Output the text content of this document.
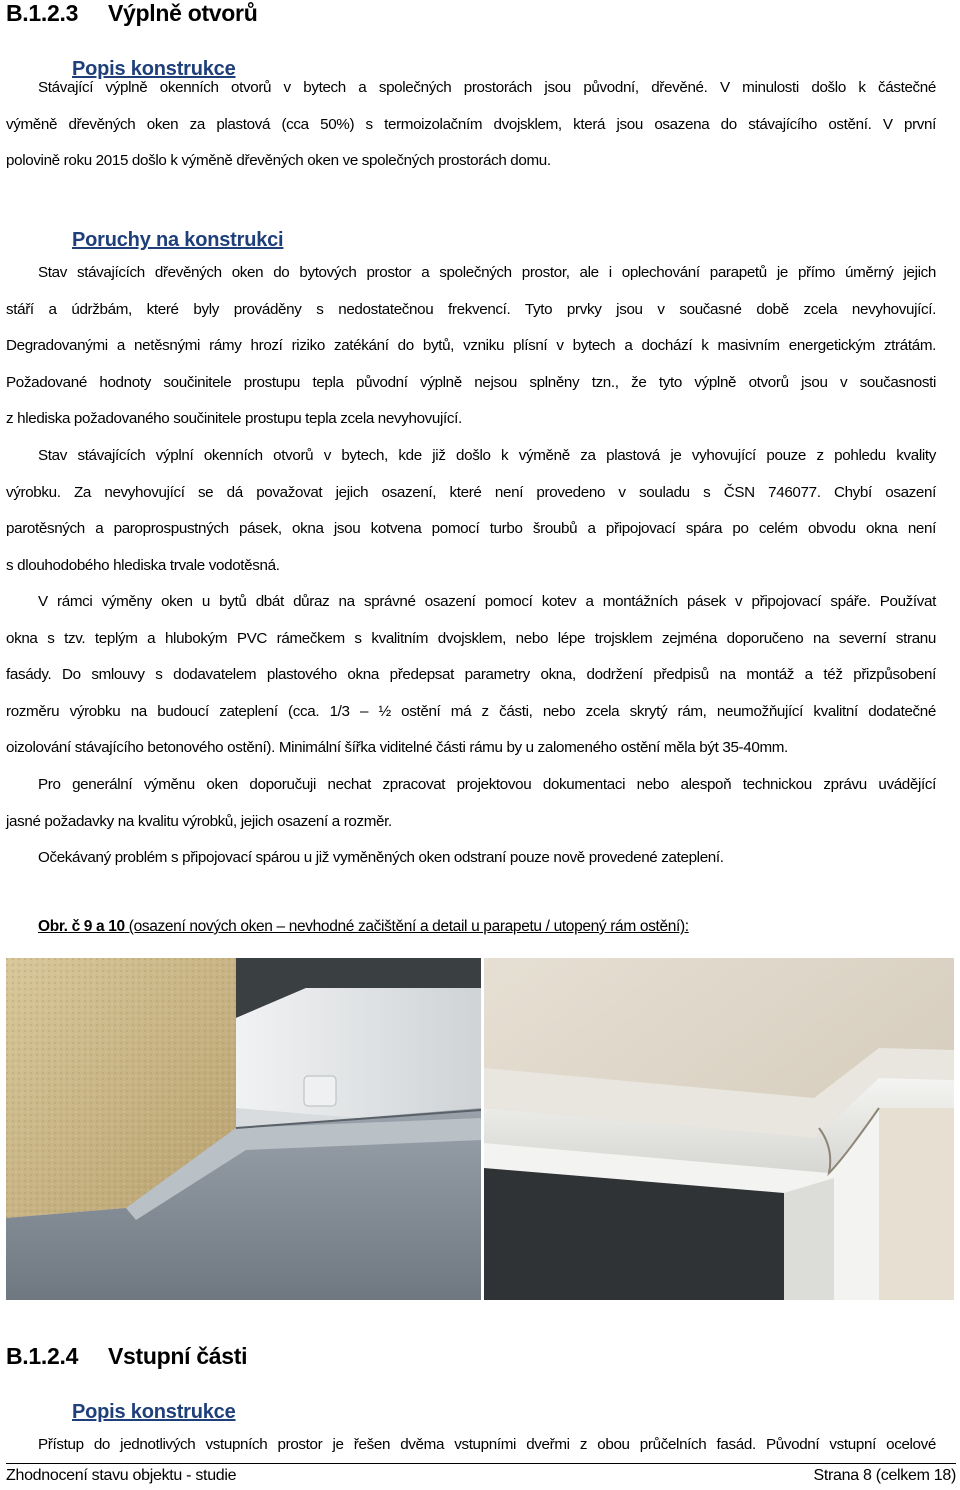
B.1.2.3 Výplně otvorů
Popis konstrukce
Stávající výplně okenních otvorů v bytech a společných prostorách jsou původní, dřevěné. V minulosti došlo k částečné
výměně dřevěných oken za plastová (cca 50%) s termoizolačním dvojsklem, která jsou osazena do stávajícího ostění. V první
polovině roku 2015 došlo k výměně dřevěných oken ve společných prostorách domu.
Poruchy na konstrukci
Stav stávajících dřevěných oken do bytových prostor a společných prostor, ale i oplechování parapetů je přímo úměrný jejich
stáří a údržbám, které byly prováděny s nedostatečnou frekvencí. Tyto prvky jsou v současné době zcela nevyhovující.
Degradovanými a netěsnými rámy hrozí riziko zatékání do bytů, vzniku plísní v bytech a dochází k masivním energetickým ztrátám.
Požadované hodnoty součinitele prostupu tepla původní výplně nejsou splněny tzn., že tyto výplně otvorů jsou v současnosti
z hlediska požadovaného součinitele prostupu tepla zcela nevyhovující.
Stav stávajících výplní okenních otvorů v bytech, kde již došlo k výměně za plastová je vyhovující pouze z pohledu kvality
výrobku. Za nevyhovující se dá považovat jejich osazení, které není provedeno v souladu s ČSN 746077. Chybí osazení
parotěsných a paroprospustných pásek, okna jsou kotvena pomocí turbo šroubů a připojovací spára po celém obvodu okna není
s dlouhodobého hlediska trvale vodotěsná.
V rámci výměny oken u bytů dbát důraz na správné osazení pomocí kotev a montážních pásek v připojovací spáře. Používat
okna s tzv. teplým a hlubokým PVC rámečkem s kvalitním dvojsklem, nebo lépe trojsklem zejména doporučeno na severní stranu
fasády. Do smlouvy s dodavatelem plastového okna předepsat parametry okna, dodržení předpisů na montáž a též přizpůsobení
rozměru výrobku na budoucí zateplení (cca. 1/3 – ½ ostění má z části, nebo zcela skrytý rám, neumožňující kvalitní dodatečné
oizolování stávajícího betonového ostění). Minimální šířka viditelné části rámu by u zalomeného ostění měla být 35-40mm.
Pro generální výměnu oken doporučuji nechat zpracovat projektovou dokumentaci nebo alespoň technickou zprávu uvádějící
jasné požadavky na kvalitu výrobků, jejich osazení a rozměr.
Očekávaný problém s připojovací spárou u již vyměněných oken odstraní pouze nově provedené zateplení.
Obr. č 9 a 10 (osazení nových oken – nevhodné začištění a detail u parapetu / utopený rám ostění):
B.1.2.4 Vstupní části
Popis konstrukce
Přístup do jednotlivých vstupních prostor je řešen dvěma vstupními dveřmi z obou průčelních fasád. Původní vstupní ocelové
Zhodnocení stavu objektu - studie	Strana 8 (celkem 18)
